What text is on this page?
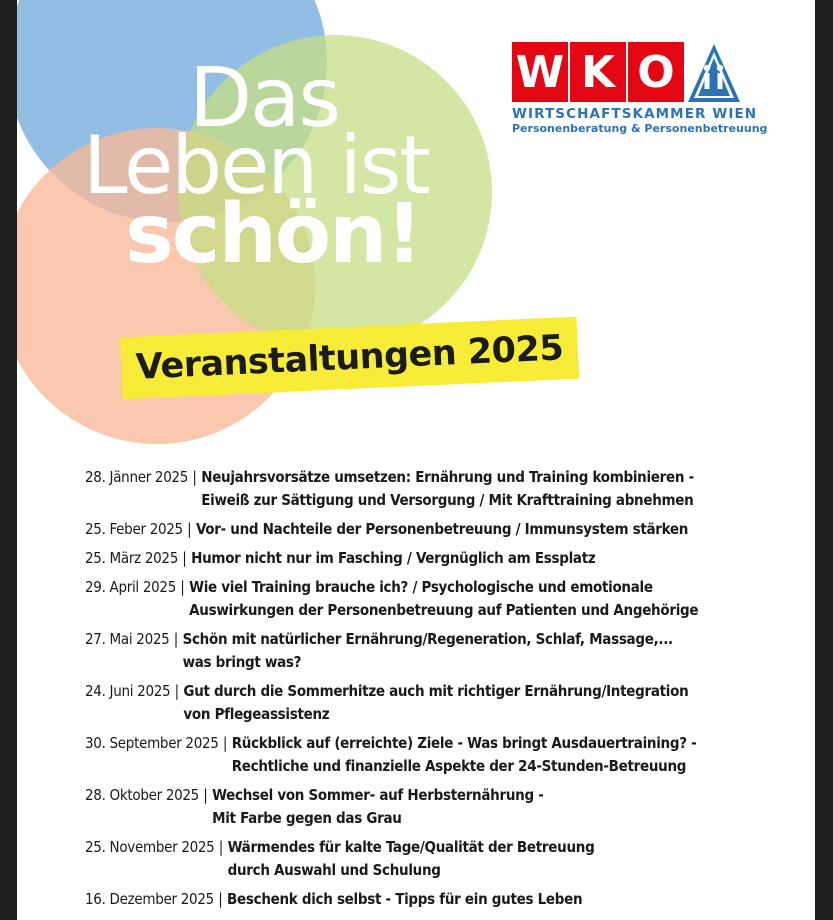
Das
Leben ist
schön!
Veranstaltungen 2025
W K O
WIRTSCHAFTSKAMMER WIEN
Personenberatung & Personenbetreuung
28. Jänner 2025 | Neujahrsvorsätze umsetzen: Ernährung und Training kombinieren -
Eiweiß zur Sättigung und Versorgung / Mit Krafttraining abnehmen
25. Feber 2025 | Vor- und Nachteile der Personenbetreuung / Immunsystem stärken
25. März 2025 | Humor nicht nur im Fasching / Vergnüglich am Essplatz
29. April 2025 | Wie viel Training brauche ich? / Psychologische und emotionale
Auswirkungen der Personenbetreuung auf Patienten und Angehörige
27. Mai 2025 | Schön mit natürlicher Ernährung/Regeneration, Schlaf, Massage,...
was bringt was?
24. Juni 2025 | Gut durch die Sommerhitze auch mit richtiger Ernährung/Integration
von Pflegeassistenz
30. September 2025 | Rückblick auf (erreichte) Ziele - Was bringt Ausdauertraining? -
Rechtliche und finanzielle Aspekte der 24-Stunden-Betreuung
28. Oktober 2025 | Wechsel von Sommer- auf Herbsternährung -
Mit Farbe gegen das Grau
25. November 2025 | Wärmendes für kalte Tage/Qualität der Betreuung
durch Auswahl und Schulung
16. Dezember 2025 | Beschenk dich selbst - Tipps für ein gutes Leben
